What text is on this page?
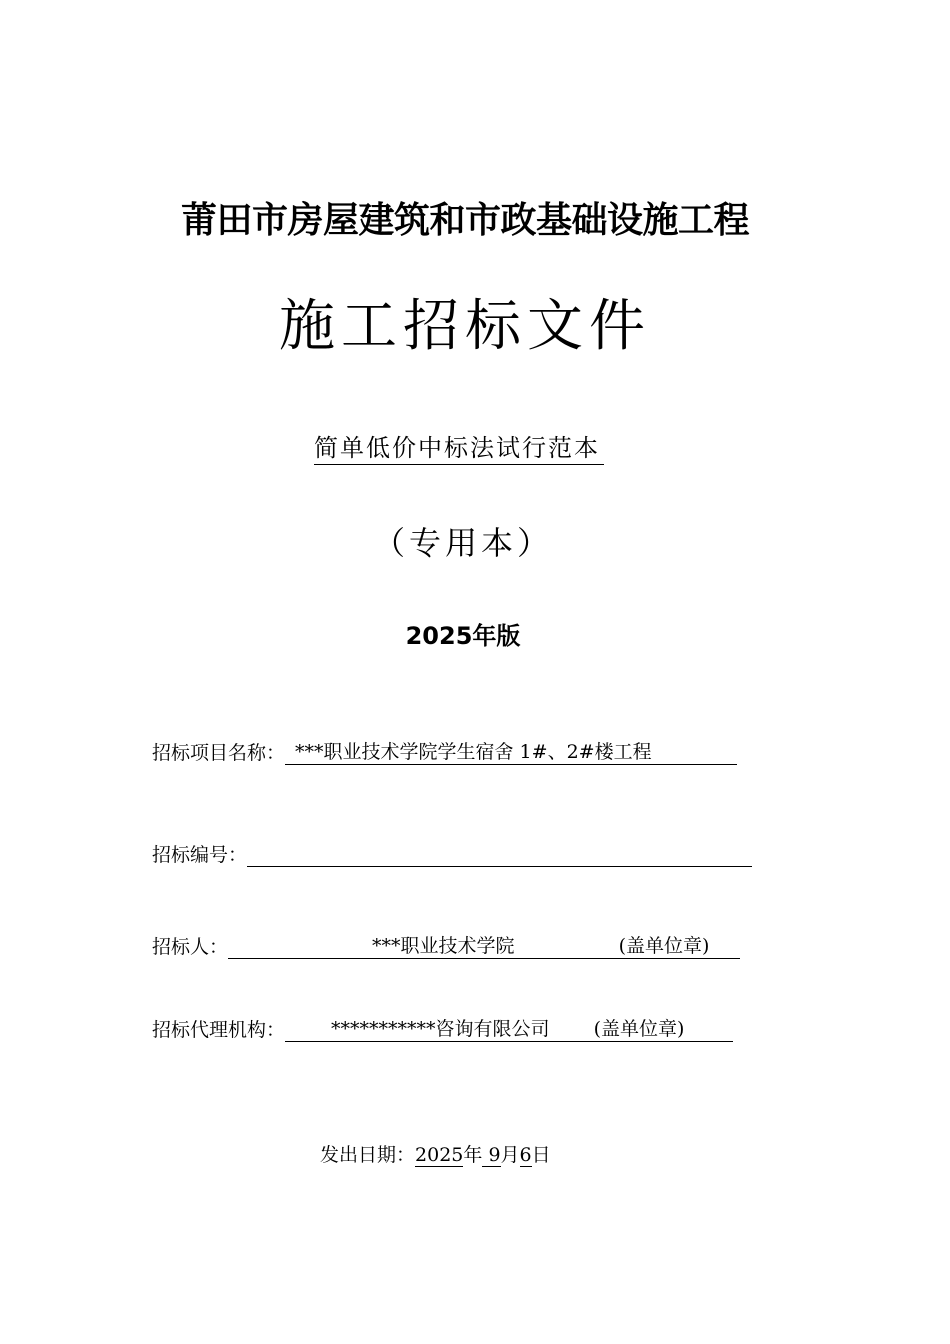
莆田市房屋建筑和市政基础设施工程
施工招标文件
简单低价中标法试行范本
（专用本）
2025年版
招标项目名称： ***职业技术学院学生宿舍 1#、2#楼工程
招标编号：

招标人：	***职业技术学院	(盖单位章)
招标代理机构：	***********咨询有限公司 (盖单位章)
发出日期：2025年 9月6日
